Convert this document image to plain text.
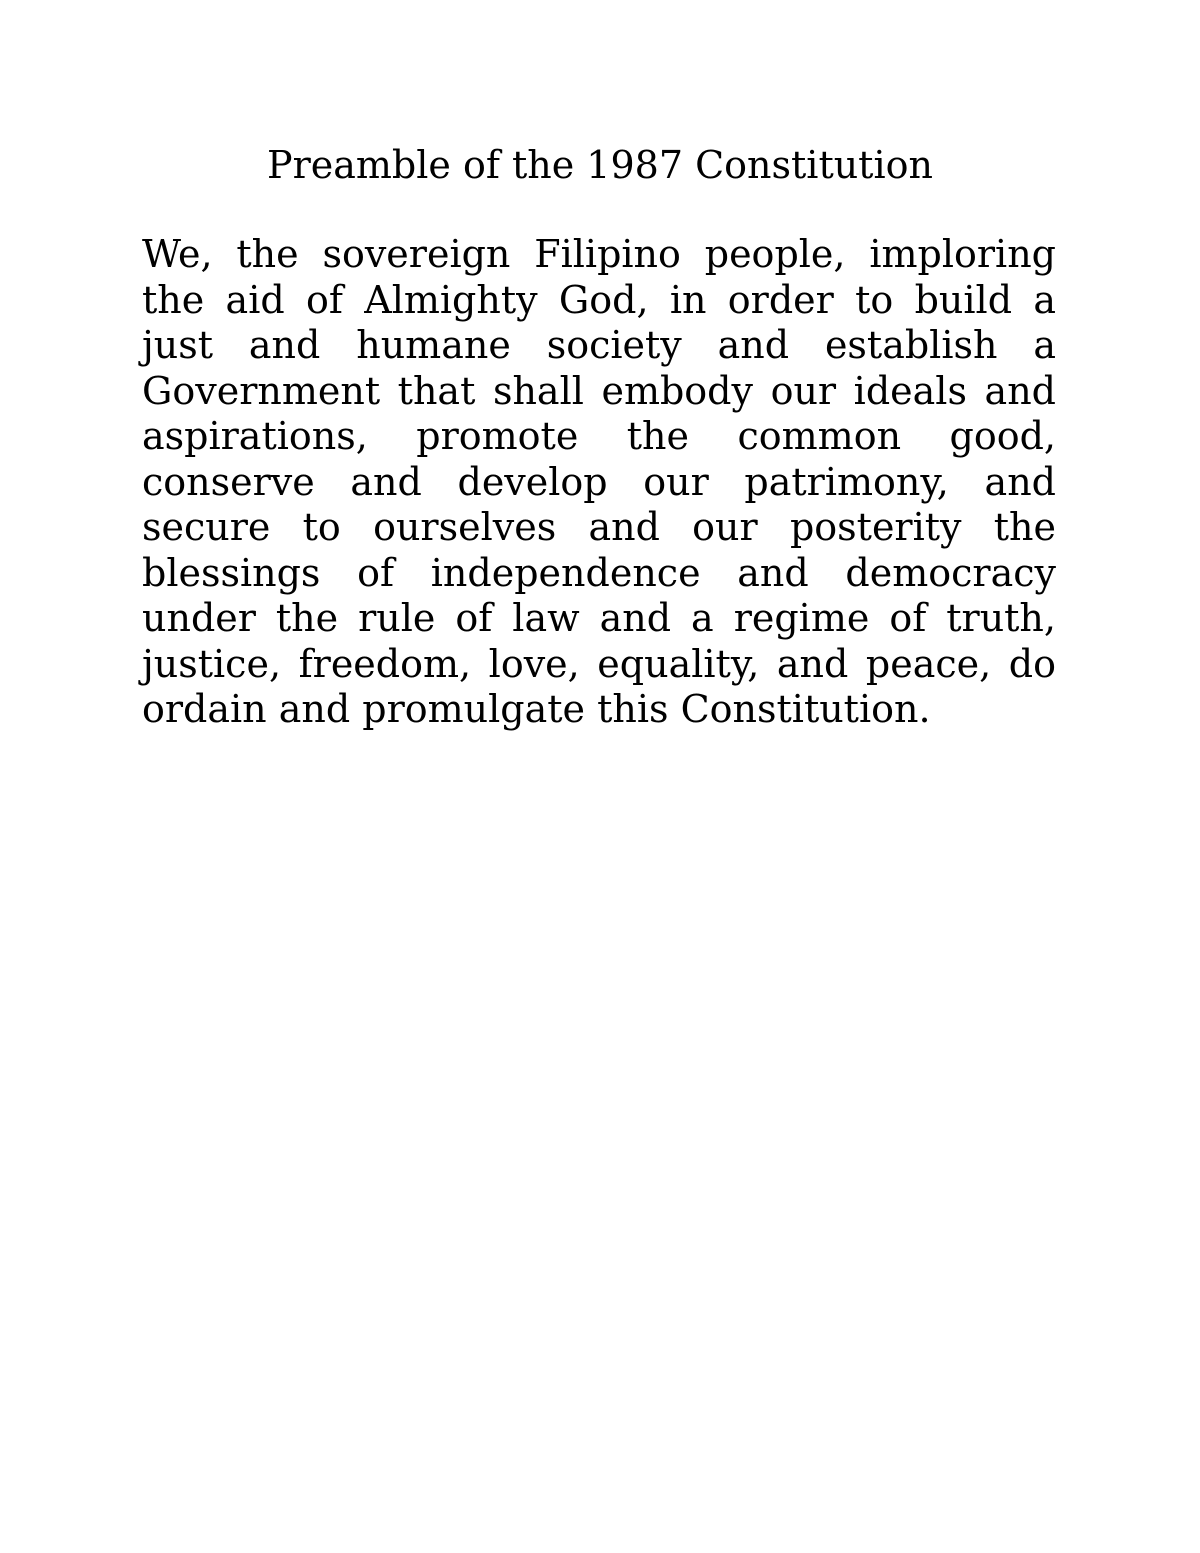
Preamble of the 1987 Constitution
We, the sovereign Filipino people, imploring
the aid of Almighty God, in order to build a
just and humane society and establish a
Government that shall embody our ideals and
aspirations, promote the common good,
conserve and develop our patrimony, and
secure to ourselves and our posterity the
blessings of independence and democracy
under the rule of law and a regime of truth,
justice, freedom, love, equality, and peace, do
ordain and promulgate this Constitution.
